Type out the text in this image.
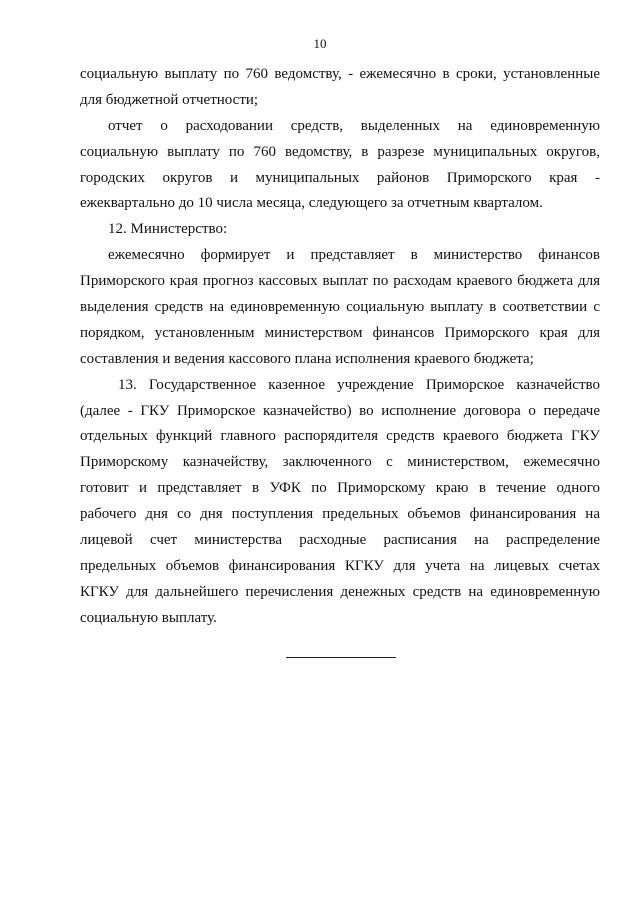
10
социальную выплату по 760 ведомству, - ежемесячно в сроки, установленные
для бюджетной отчетности;
отчет о расходовании средств, выделенных на единовременную
социальную выплату по 760 ведомству, в разрезе муниципальных округов,
городских округов и муниципальных районов Приморского края -
ежеквартально до 10 числа месяца, следующего за отчетным кварталом.
12. Министерство:
ежемесячно формирует и представляет в министерство финансов
Приморского края прогноз кассовых выплат по расходам краевого бюджета для
выделения средств на единовременную социальную выплату в соответствии с
порядком, установленным министерством финансов Приморского края для
составления и ведения кассового плана исполнения краевого бюджета;
13. Государственное казенное учреждение Приморское казначейство
(далее - ГКУ Приморское казначейство) во исполнение договора о передаче
отдельных функций главного распорядителя средств краевого бюджета ГКУ
Приморскому казначейству, заключенного с министерством, ежемесячно
готовит и представляет в УФК по Приморскому краю в течение одного
рабочего дня со дня поступления предельных объемов финансирования на
лицевой счет министерства расходные расписания на распределение
предельных объемов финансирования КГКУ для учета на лицевых счетах
КГКУ для дальнейшего перечисления денежных средств на единовременную
социальную выплату.
